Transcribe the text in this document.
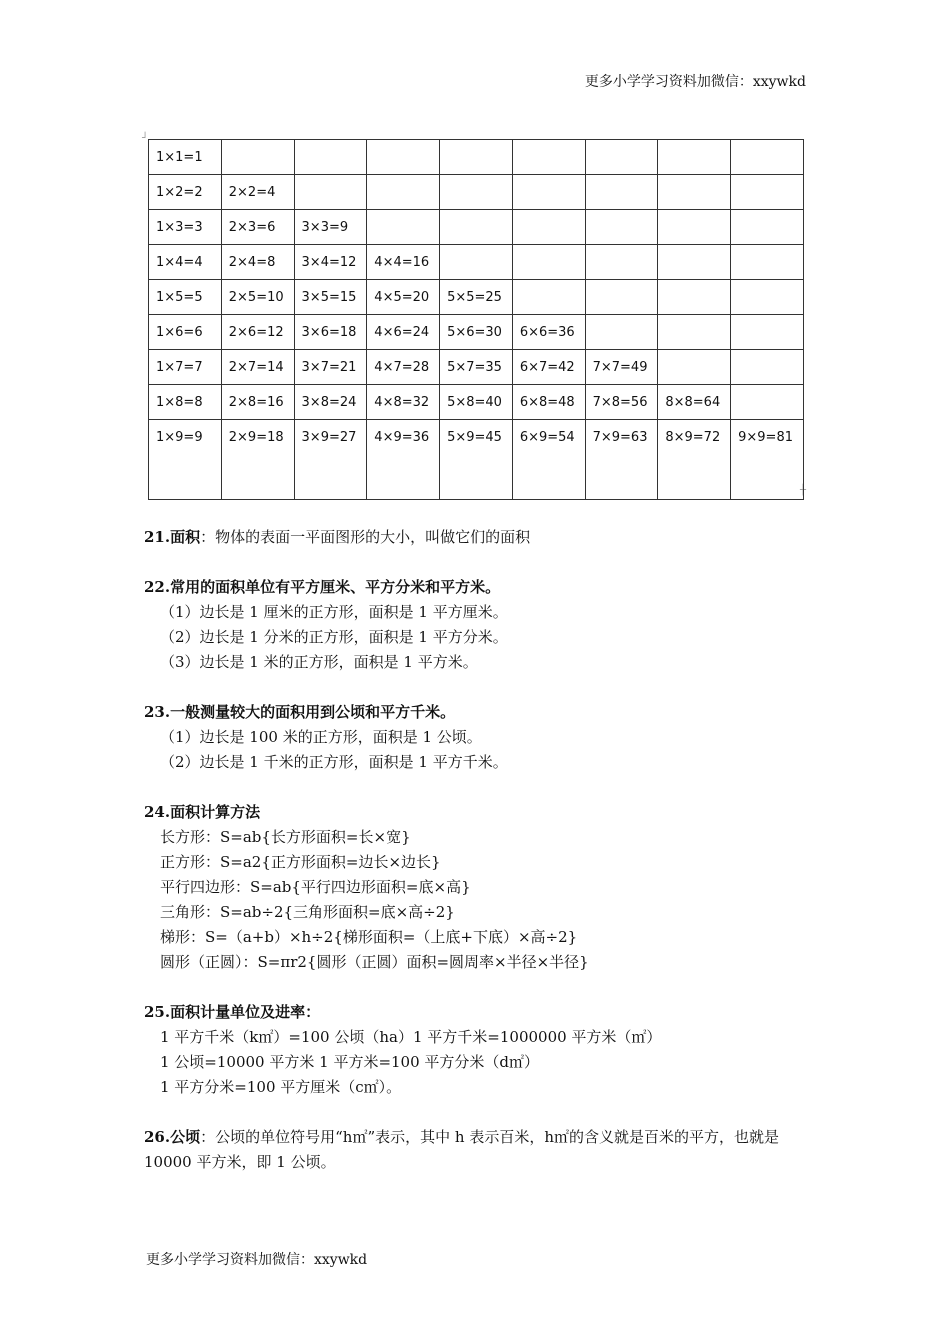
更多小学学习资料加微信：xxywkd
┘
┼
1×1=1								
1×2=2	2×2=4							
1×3=3	2×3=6	3×3=9						
1×4=4	2×4=8	3×4=12	4×4=16					
1×5=5	2×5=10	3×5=15	4×5=20	5×5=25				
1×6=6	2×6=12	3×6=18	4×6=24	5×6=30	6×6=36			
1×7=7	2×7=14	3×7=21	4×7=28	5×7=35	6×7=42	7×7=49		
1×8=8	2×8=16	3×8=24	4×8=32	5×8=40	6×8=48	7×8=56	8×8=64	
1×9=9	2×9=18	3×9=27	4×9=36	5×9=45	6×9=54	7×9=63	8×9=72	9×9=81
21.面积：物体的表面一平面图形的大小，叫做它们的面积
22.常用的面积单位有平方厘米、平方分米和平方米。
（1）边长是 1 厘米的正方形，面积是 1 平方厘米。
（2）边长是 1 分米的正方形，面积是 1 平方分米。
（3）边长是 1 米的正方形，面积是 1 平方米。
23.一般测量较大的面积用到公顷和平方千米。
（1）边长是 100 米的正方形，面积是 1 公顷。
（2）边长是 1 千米的正方形，面积是 1 平方千米。
24.面积计算方法
长方形：S=ab{长方形面积=长×宽}
正方形：S=a2{正方形面积=边长×边长}
平行四边形：S=ab{平行四边形面积=底×高}
三角形：S=ab÷2{三角形面积=底×高÷2}
梯形：S=（a+b）×h÷2{梯形面积=（上底+下底）×高÷2}
圆形（正圆）：S=πr2{圆形（正圆）面积=圆周率×半径×半径}
25.面积计量单位及进率：
1 平方千米（k㎡）=100 公顷（ha）1 平方千米=1000000 平方米（㎡）
1 公顷=10000 平方米 1 平方米=100 平方分米（d㎡）
1 平方分米=100 平方厘米（c㎡）。
26.公顷：公顷的单位符号用“h㎡”表示，其中 h 表示百米，h㎡的含义就是百米的平方，也就是 10000 平方米，即 1 公顷。
更多小学学习资料加微信：xxywkd
